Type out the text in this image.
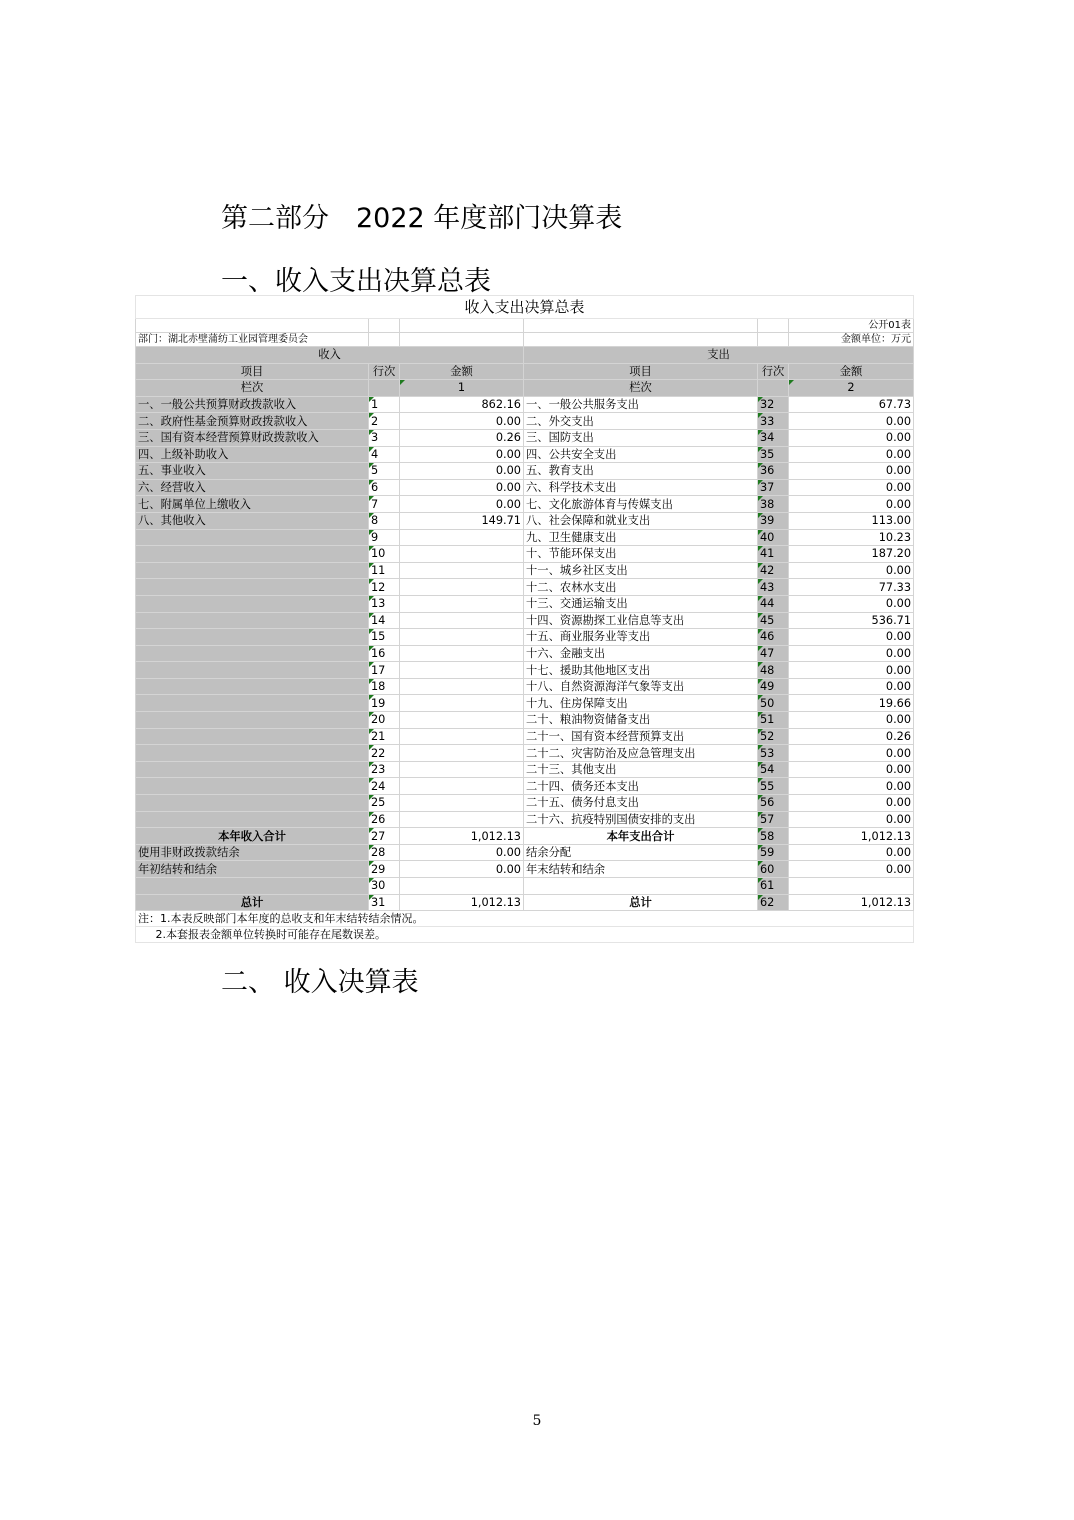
第二部分　2022 年度部门决算表
一、收入支出决算总表
收入支出决算总表					
					公开01表
部门：湖北赤壁蒲纺工业园管理委员会					金额单位：万元
收入			支出		
项目	行次	金额	项目	行次	金额
栏次		1	栏次		2
一、一般公共预算财政拨款收入	1	862.16	一、一般公共服务支出	32	67.73
二、政府性基金预算财政拨款收入	2	0.00	二、外交支出	33	0.00
三、国有资本经营预算财政拨款收入	3	0.26	三、国防支出	34	0.00
四、上级补助收入	4	0.00	四、公共安全支出	35	0.00
五、事业收入	5	0.00	五、教育支出	36	0.00
六、经营收入	6	0.00	六、科学技术支出	37	0.00
七、附属单位上缴收入	7	0.00	七、文化旅游体育与传媒支出	38	0.00
八、其他收入	8	149.71	八、社会保障和就业支出	39	113.00
	9		九、卫生健康支出	40	10.23
	10		十、节能环保支出	41	187.20
	11		十一、城乡社区支出	42	0.00
	12		十二、农林水支出	43	77.33
	13		十三、交通运输支出	44	0.00
	14		十四、资源勘探工业信息等支出	45	536.71
	15		十五、商业服务业等支出	46	0.00
	16		十六、金融支出	47	0.00
	17		十七、援助其他地区支出	48	0.00
	18		十八、自然资源海洋气象等支出	49	0.00
	19		十九、住房保障支出	50	19.66
	20		二十、粮油物资储备支出	51	0.00
	21		二十一、国有资本经营预算支出	52	0.26
	22		二十二、灾害防治及应急管理支出	53	0.00
	23		二十三、其他支出	54	0.00
	24		二十四、债务还本支出	55	0.00
	25		二十五、债务付息支出	56	0.00
	26		二十六、抗疫特别国债安排的支出	57	0.00
本年收入合计	27	1,012.13	本年支出合计	58	1,012.13
使用非财政拨款结余	28	0.00	结余分配	59	0.00
年初结转和结余	29	0.00	年末结转和结余	60	0.00
	30			61	
总计	31	1,012.13	总计	62	1,012.13
注：1.本表反映部门本年度的总收支和年末结转结余情况。					
2.本套报表金额单位转换时可能存在尾数误差。					
二、 收入决算表
5
